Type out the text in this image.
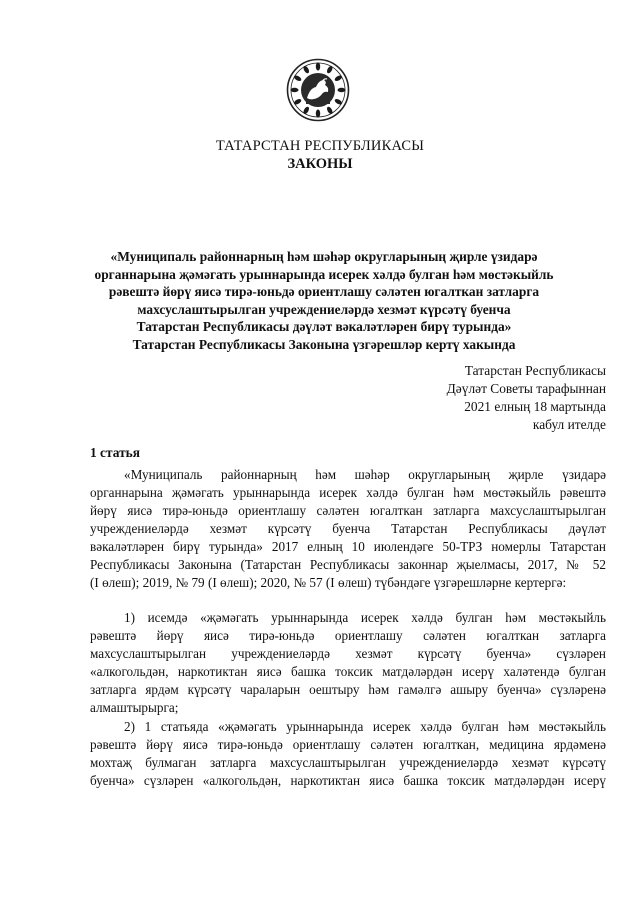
ТАТАРСТАН РЕСПУБЛИКАСЫ
ЗАКОНЫ
«Муниципаль районнарның һәм шәһәр округларының җирле үзидарә
органнарына җәмәгать урыннарында исерек хәлдә булган һәм мөстәкыйль
рәвештә йөрү яисә тирә-юньдә ориентлашу сәләтен югалткан затларга
махсуслаштырылган учреждениеләрдә хезмәт күрсәтү буенча
Татарстан Республикасы дәүләт вәкаләтләрен бирү турында»
Татарстан Республикасы Законына үзгәрешләр кертү хакында
Татарстан Республикасы
Дәүләт Советы тарафыннан
2021 елның 18 мартында
кабул ителде
1 статья
«Муниципаль районнарның һәм шәһәр округларының җирле үзидарә
органнарына җәмәгать урыннарында исерек хәлдә булган һәм мөстәкыйль рәвештә
йөрү яисә тирә-юньдә ориентлашу сәләтен югалткан затларга махсуслаштырылган
учреждениеләрдә хезмәт күрсәтү буенча Татарстан Республикасы дәүләт
вәкаләтләрен бирү турында» 2017 елның 10 июлендәге 50-ТРЗ номерлы Татарстан
Республикасы Законына (Татарстан Республикасы законнар җыелмасы, 2017, № 52
(I өлеш); 2019, № 79 (I өлеш); 2020, № 57 (I өлеш) түбәндәге үзгәрешләрне кертергә:
1) исемдә «җәмәгать урыннарында исерек хәлдә булган һәм мөстәкыйль
рәвештә йөрү яисә тирә-юньдә ориентлашу сәләтен югалткан затларга
махсуслаштырылган учреждениеләрдә хезмәт күрсәтү буенча» сүзләрен
«алкогольдән, наркотиктан яисә башка токсик матдәләрдән исерү халәтендә булган
затларга ярдәм күрсәтү чараларын оештыру һәм гамәлгә ашыру буенча» сүзләренә
алмаштырырга;
2) 1 статьяда «җәмәгать урыннарында исерек хәлдә булган һәм мөстәкыйль
рәвештә йөрү яисә тирә-юньдә ориентлашу сәләтен югалткан, медицина ярдәменә
мохтаҗ булмаган затларга махсуслаштырылган учреждениеләрдә хезмәт күрсәтү
буенча» сүзләрен «алкогольдән, наркотиктан яисә башка токсик матдәләрдән исерү
